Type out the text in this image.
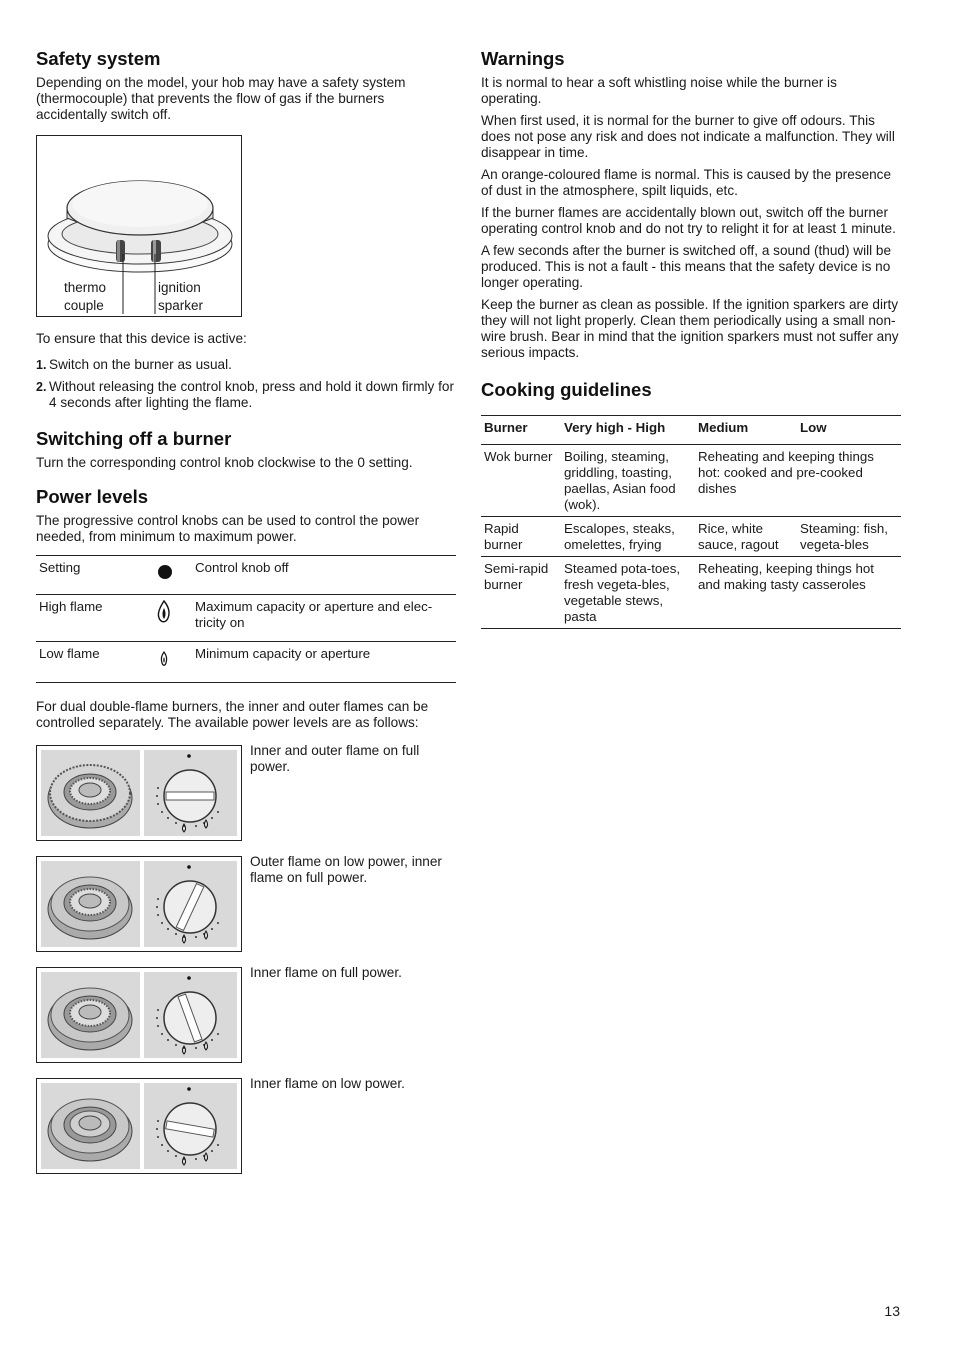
Safety system

Depending on the model, your hob may have a safety system (thermocouple) that prevents the flow of gas if the burners accidentally switch off.

thermo
couple
ignition
sparker

To ensure that this device is active:

1. Switch on the burner as usual.
2. Without releasing the control knob, press and hold it down firmly for 4 seconds after lighting the flame.
Switching off a burner

Turn the corresponding control knob clockwise to the 0 setting.

Power levels

The progressive control knobs can be used to control the power needed, from minimum to maximum power.

Setting		Control knob off
High flame		Maximum capacity or aperture and elec-tricity on
Low flame		Minimum capacity or aperture

For dual double-flame burners, the inner and outer flames can be controlled separately. The available power levels are as follows:

Inner and outer flame on full power.
Outer flame on low power, inner flame on full power.
Inner flame on full power.
Inner flame on low power.
Warnings

It is normal to hear a soft whistling noise while the burner is operating.

When first used, it is normal for the burner to give off odours. This does not pose any risk and does not indicate a malfunction. They will disappear in time.

An orange-coloured flame is normal. This is caused by the presence of dust in the atmosphere, spilt liquids, etc.

If the burner flames are accidentally blown out, switch off the burner operating control knob and do not try to relight it for at least 1 minute.

A few seconds after the burner is switched off, a sound (thud) will be produced. This is not a fault - this means that the safety device is no longer operating.

Keep the burner as clean as possible. If the ignition sparkers are dirty they will not light properly. Clean them periodically using a small non-wire brush. Bear in mind that the ignition sparkers must not suffer any serious impacts.

Cooking guidelines
Burner	Very high - High	Medium	Low
Wok burner	Boiling, steaming, griddling, toasting, paellas, Asian food (wok).	Reheating and keeping things hot: cooked and pre-cooked dishes	
Rapid burner	Escalopes, steaks, omelettes, frying	Rice, white sauce, ragout	Steaming: fish, vegeta-bles
Semi-rapid burner	Steamed pota-toes, fresh vegeta-bles, vegetable stews, pasta	Reheating, keeping things hot and making tasty casseroles	
13
